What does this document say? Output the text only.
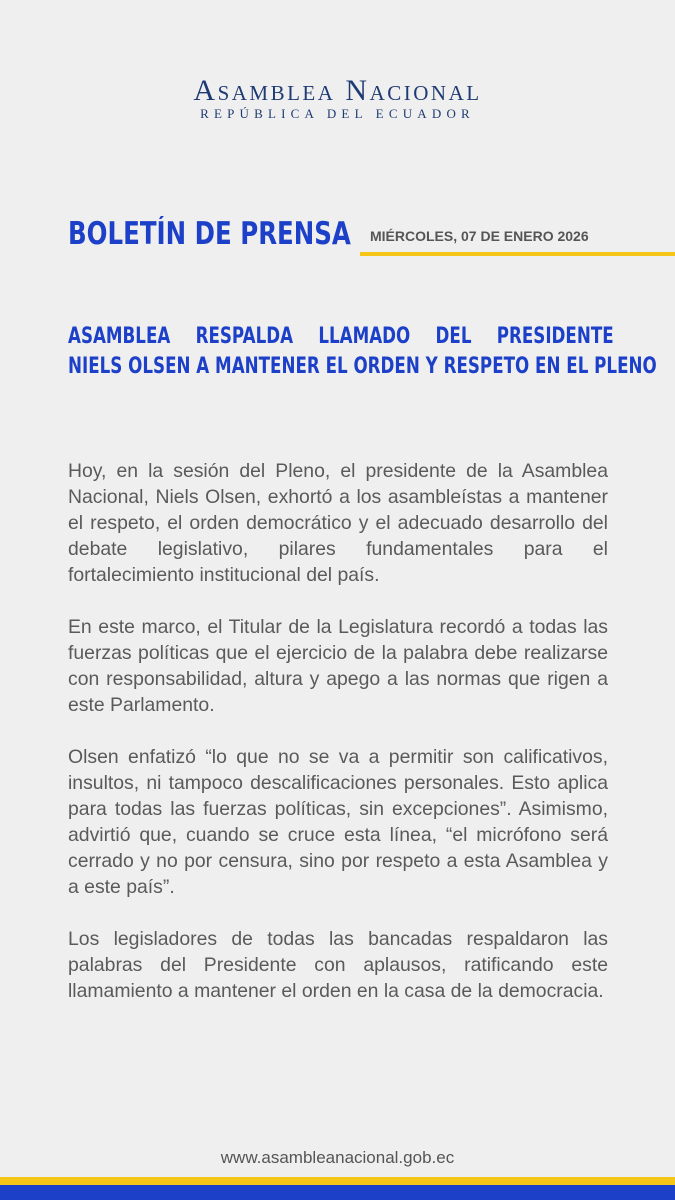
Asamblea Nacional
REPÚBLICA DEL ECUADOR
BOLETÍN DE PRENSA MIÉRCOLES, 07 DE ENERO 2026
ASAMBLEA RESPALDA LLAMADO DEL PRESIDENTE
NIELS OLSEN A MANTENER EL ORDEN Y RESPETO EN EL PLENO

Hoy, en la sesión del Pleno, el presidente de la Asamblea Nacional, Niels Olsen, exhortó a los asambleístas a mantener el respeto, el orden democrático y el adecuado desarrollo del debate legislativo, pilares fundamentales para el fortalecimiento institucional del país.

En este marco, el Titular de la Legislatura recordó a todas las fuerzas políticas que el ejercicio de la palabra debe realizarse con responsabilidad, altura y apego a las normas que rigen a este Parlamento.

Olsen enfatizó “lo que no se va a permitir son calificativos, insultos, ni tampoco descalificaciones personales. Esto aplica para todas las fuerzas políticas, sin excepciones”. Asimismo, advirtió que, cuando se cruce esta línea, “el micrófono será cerrado y no por censura, sino por respeto a esta Asamblea y a este país”.

Los legisladores de todas las bancadas respaldaron las palabras del Presidente con aplausos, ratificando este llamamiento a mantener el orden en la casa de la democracia.

www.asambleanacional.gob.ec
